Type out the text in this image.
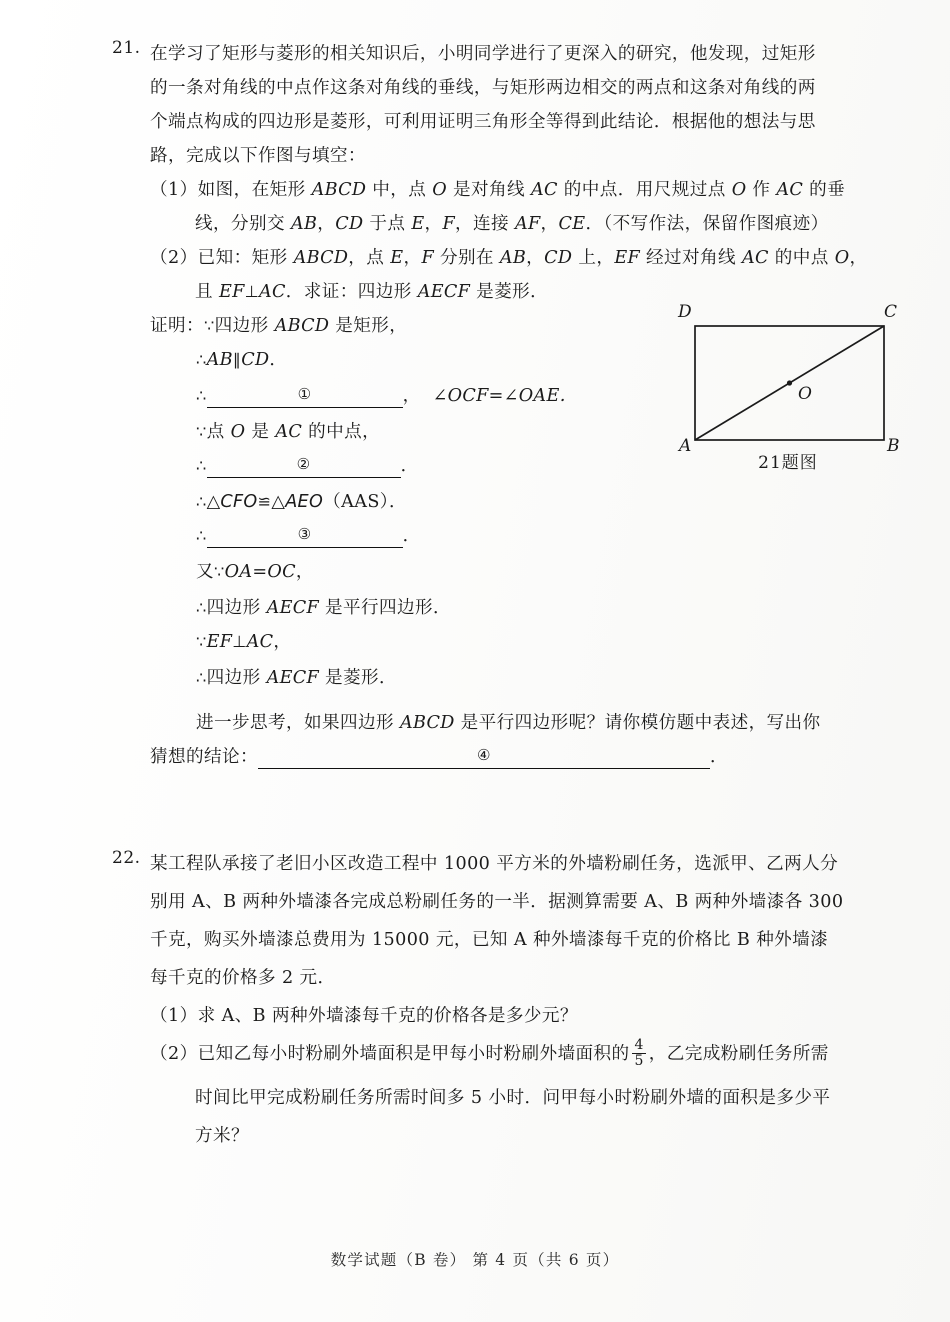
21. 在学习了矩形与菱形的相关知识后，小明同学进行了更深入的研究，他发现，过矩形
的一条对角线的中点作这条对角线的垂线，与矩形两边相交的两点和这条对角线的两
个端点构成的四边形是菱形，可利用证明三角形全等得到此结论．根据他的想法与思
路，完成以下作图与填空：
（1）如图，在矩形 ABCD 中，点 O 是对角线 AC 的中点．用尺规过点 O 作 AC 的垂
线，分别交 AB，CD 于点 E，F，连接 AF，CE．（不写作法，保留作图痕迹）
（2）已知：矩形 ABCD，点 E，F 分别在 AB，CD 上，EF 经过对角线 AC 的中点 O，
且 EF⊥AC．求证：四边形 AECF 是菱形．
证明：∵四边形 ABCD 是矩形，
∴AB∥CD．
∴	①	， ∠OCF=∠OAE．
∵点 O 是 AC 的中点，
∴	②	．
∴△CFO≌△AEO（AAS）．
∴	③	．
又∵OA=OC，
∴四边形 AECF 是平行四边形．
∵EF⊥AC，
∴四边形 AECF 是菱形．
进一步思考，如果四边形 ABCD 是平行四边形呢？请你模仿题中表述，写出你
猜想的结论：	④	．
D	C
A	B
O
21题图
22. 某工程队承接了老旧小区改造工程中 1000 平方米的外墙粉刷任务，选派甲、乙两人分
别用 A、B 两种外墙漆各完成总粉刷任务的一半．据测算需要 A、B 两种外墙漆各 300
千克，购买外墙漆总费用为 15000 元，已知 A 种外墙漆每千克的价格比 B 种外墙漆
每千克的价格多 2 元．
（1）求 A、B 两种外墙漆每千克的价格各是多少元？
（2）已知乙每小时粉刷外墙面积是甲每小时粉刷外墙面积的 $\frac{4}{5}$ ，乙完成粉刷任务所需
时间比甲完成粉刷任务所需时间多 5 小时．问甲每小时粉刷外墙的面积是多少平
方米？
数学试题（B 卷） 第 4 页（共 6 页）
